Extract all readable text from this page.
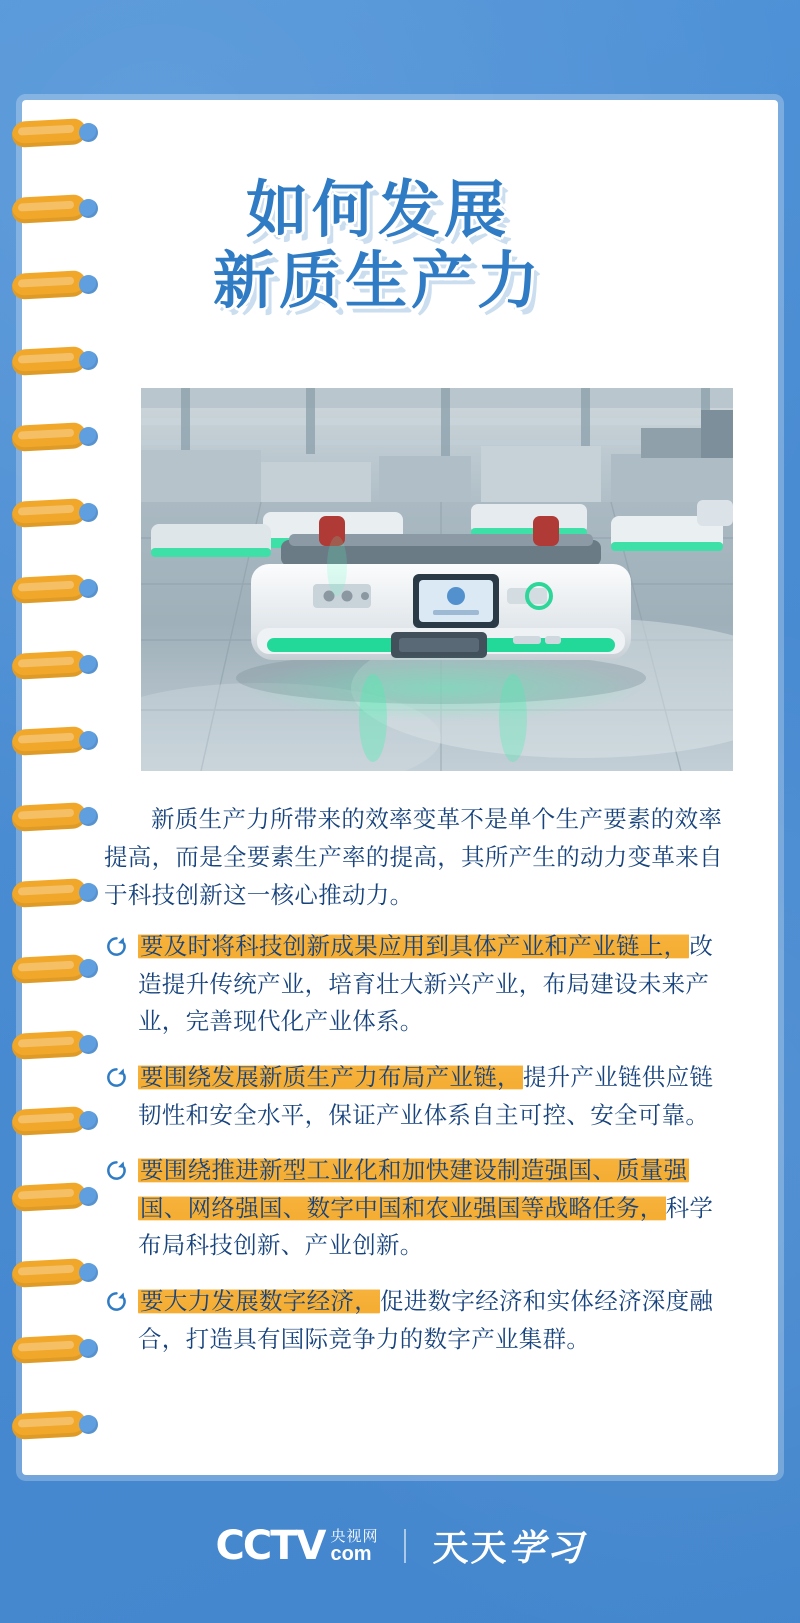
如何发展
新质生产力

新质生产力所带来的效率变革不是单个生产要素的效率提高，而是全要素生产率的提高，其所产生的动力变革来自于科技创新这一核心推动力。

要及时将科技创新成果应用到具体产业和产业链上，改造提升传统产业，培育壮大新兴产业，布局建设未来产业，完善现代化产业体系。
要围绕发展新质生产力布局产业链，提升产业链供应链韧性和安全水平，保证产业体系自主可控、安全可靠。
要围绕推进新型工业化和加快建设制造强国、质量强国、网络强国、数字中国和农业强国等战略任务，科学布局科技创新、产业创新。
要大力发展数字经济，促进数字经济和实体经济深度融合，打造具有国际竞争力的数字产业集群。
CCTV 央视网
com 天天学习
